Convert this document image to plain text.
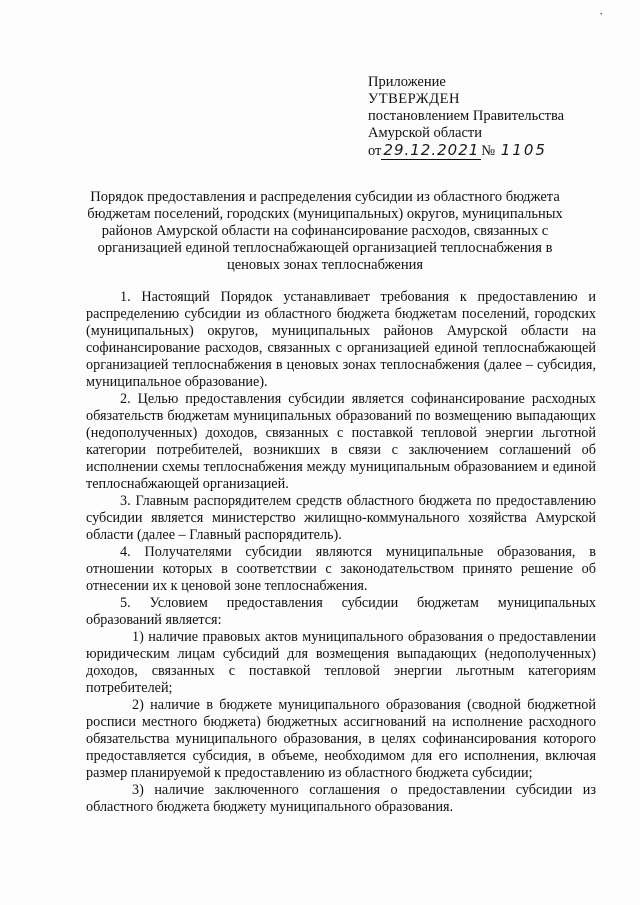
٠
Приложение
УТВЕРЖДЕН
постановлением Правительства
Амурской области
от 29.12.2021 № 1105
Порядок предоставления и распределения субсидии из областного бюджета бюджетам поселений, городских (муниципальных) округов, муниципальных районов Амурской области на софинансирование расходов, связанных с организацией единой теплоснабжающей организацией теплоснабжения в ценовых зонах теплоснабжения

1. Настоящий Порядок устанавливает требования к предоставлению и распределению субсидии из областного бюджета бюджетам поселений, городских (муниципальных) округов, муниципальных районов Амурской области на софинансирование расходов, связанных с организацией единой теплоснабжающей организацией теплоснабжения в ценовых зонах теплоснабжения (далее – субсидия, муниципальное образование).

2. Целью предоставления субсидии является софинансирование расходных обязательств бюджетам муниципальных образований по возмещению выпадающих (недополученных) доходов, связанных с поставкой тепловой энергии льготной категории потребителей, возникших в связи с заключением соглашений об исполнении схемы теплоснабжения между муниципальным образованием и единой теплоснабжающей организацией.

3. Главным распорядителем средств областного бюджета по предоставлению субсидии является министерство жилищно-коммунального хозяйства Амурской области (далее – Главный распорядитель).

4. Получателями субсидии являются муниципальные образования, в отношении которых в соответствии с законодательством принято решение об отнесении их к ценовой зоне теплоснабжения.

5. Условием предоставления субсидии бюджетам муниципальных образований является:

1) наличие правовых актов муниципального образования о предоставлении юридическим лицам субсидий для возмещения выпадающих (недополученных) доходов, связанных с поставкой тепловой энергии льготным категориям потребителей;

2) наличие в бюджете муниципального образования (сводной бюджетной росписи местного бюджета) бюджетных ассигнований на исполнение расходного обязательства муниципального образования, в целях софинансирования которого предоставляется субсидия, в объеме, необходимом для его исполнения, включая размер планируемой к предоставлению из областного бюджета субсидии;

3) наличие заключенного соглашения о предоставлении субсидии из областного бюджета бюджету муниципального образования.
